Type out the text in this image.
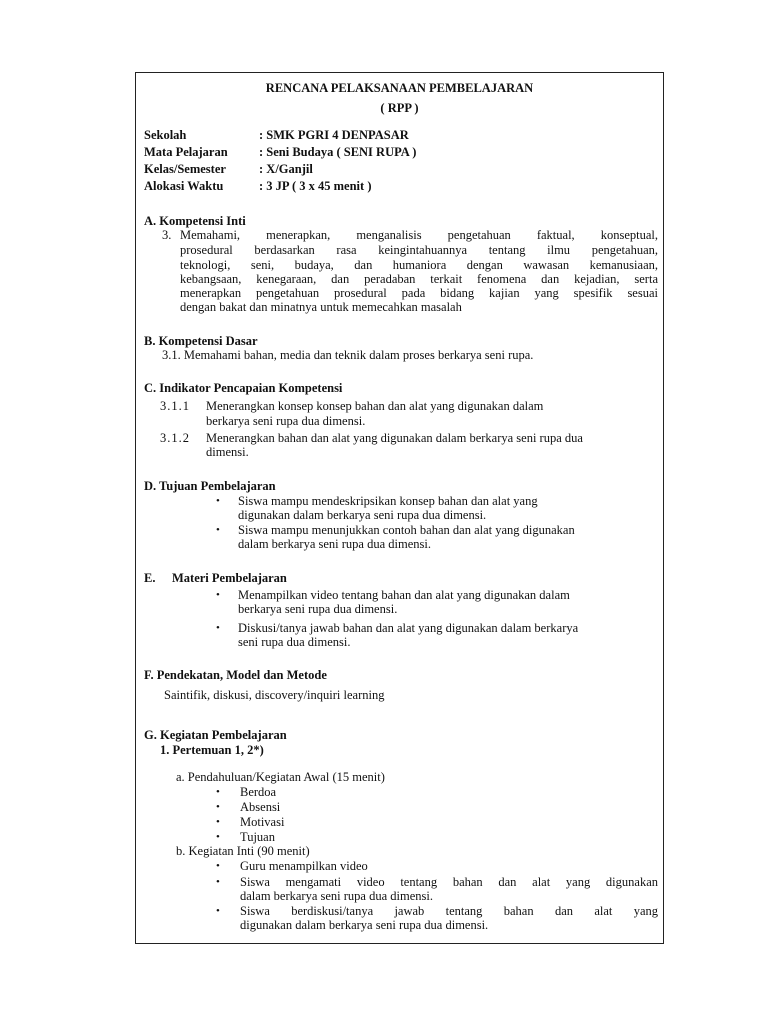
RENCANA PELAKSANAAN PEMBELAJARAN
( RPP )
Sekolah	: SMK PGRI 4 DENPASAR
Mata Pelajaran	: Seni Budaya ( SENI RUPA )
Kelas/Semester	: X/Ganjil
Alokasi Waktu	: 3 JP ( 3 x 45 menit )
A. Kompetensi Inti
3. Memahami, menerapkan, menganalisis pengetahuan faktual, konseptual,
prosedural berdasarkan rasa keingintahuannya tentang ilmu pengetahuan,
teknologi, seni, budaya, dan humaniora dengan wawasan kemanusiaan,
kebangsaan, kenegaraan, dan peradaban terkait fenomena dan kejadian, serta
menerapkan pengetahuan prosedural pada bidang kajian yang spesifik sesuai
dengan bakat dan minatnya untuk memecahkan masalah
B. Kompetensi Dasar
3.1. Memahami bahan, media dan teknik dalam proses berkarya seni rupa.
C. Indikator Pencapaian Kompetensi
3.1.1 Menerangkan konsep konsep bahan dan alat yang digunakan dalam
berkarya seni rupa dua dimensi.
3.1.2 Menerangkan bahan dan alat yang digunakan dalam berkarya seni rupa dua
dimensi.
D. Tujuan Pembelajaran
• Siswa mampu mendeskripsikan konsep bahan dan alat yang
digunakan dalam berkarya seni rupa dua dimensi.
• Siswa mampu menunjukkan contoh bahan dan alat yang digunakan
dalam berkarya seni rupa dua dimensi.
E. Materi Pembelajaran
• Menampilkan video tentang bahan dan alat yang digunakan dalam
berkarya seni rupa dua dimensi.
• Diskusi/tanya jawab bahan dan alat yang digunakan dalam berkarya
seni rupa dua dimensi.
F. Pendekatan, Model dan Metode
Saintifik, diskusi, discovery/inquiri learning
G. Kegiatan Pembelajaran
1. Pertemuan 1, 2*)
a. Pendahuluan/Kegiatan Awal (15 menit)
• Berdoa
• Absensi
• Motivasi
• Tujuan
b. Kegiatan Inti (90 menit)
• Guru menampilkan video
• Siswa mengamati video tentang bahan dan alat yang digunakan
dalam berkarya seni rupa dua dimensi.
• Siswa berdiskusi/tanya jawab tentang bahan dan alat yang
digunakan dalam berkarya seni rupa dua dimensi.
